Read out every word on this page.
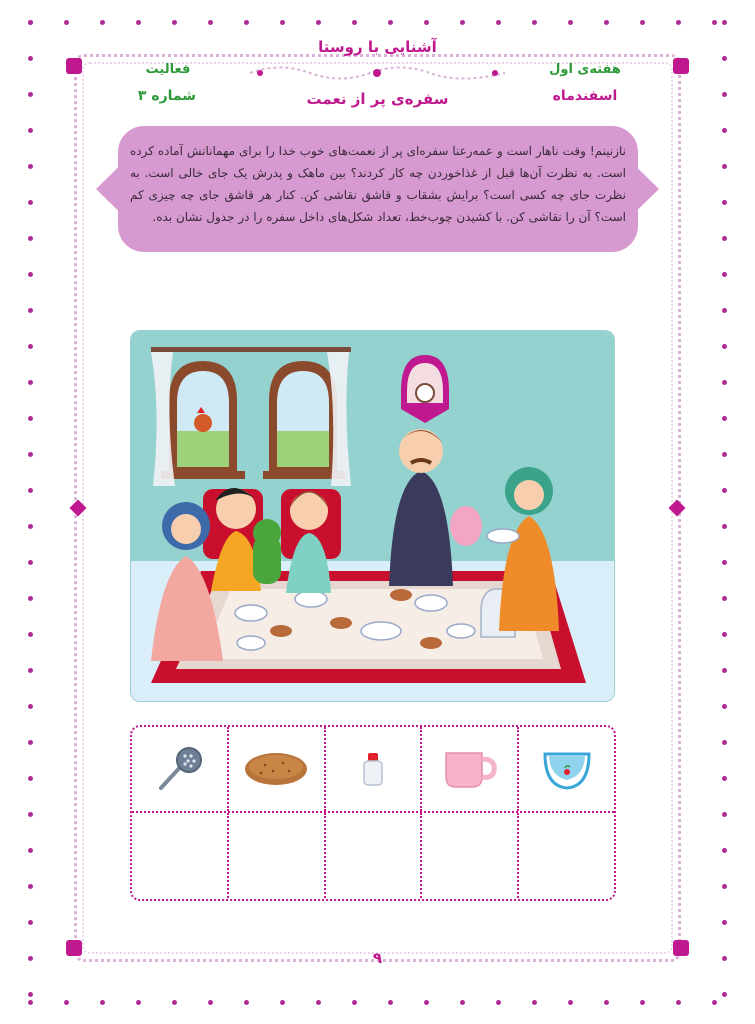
آشنایی با روستا
سفره‌ی پر از نعمت
هفته‌ی اول
اسفندماه
فعالیت
شماره ۳
نازنینم! وقت ناهار است و عمه‌رعنا سفره‌ای پر از نعمت‌های خوب خدا را برای مهمانانش آماده کرده است. به نظرت آن‌ها قبل از غذاخوردن چه کار کردند؟ بین ماهک و پدرش یک جای خالی است. به نظرت جای چه کسی است؟ برایش بشقاب و قاشق نقاشی کن. کنار هر قاشق جای چه چیزی کم است؟ آن را نقاشی کن. با کشیدن چوب‌خط، تعداد شکل‌های داخل سفره را در جدول نشان بده.
۹
